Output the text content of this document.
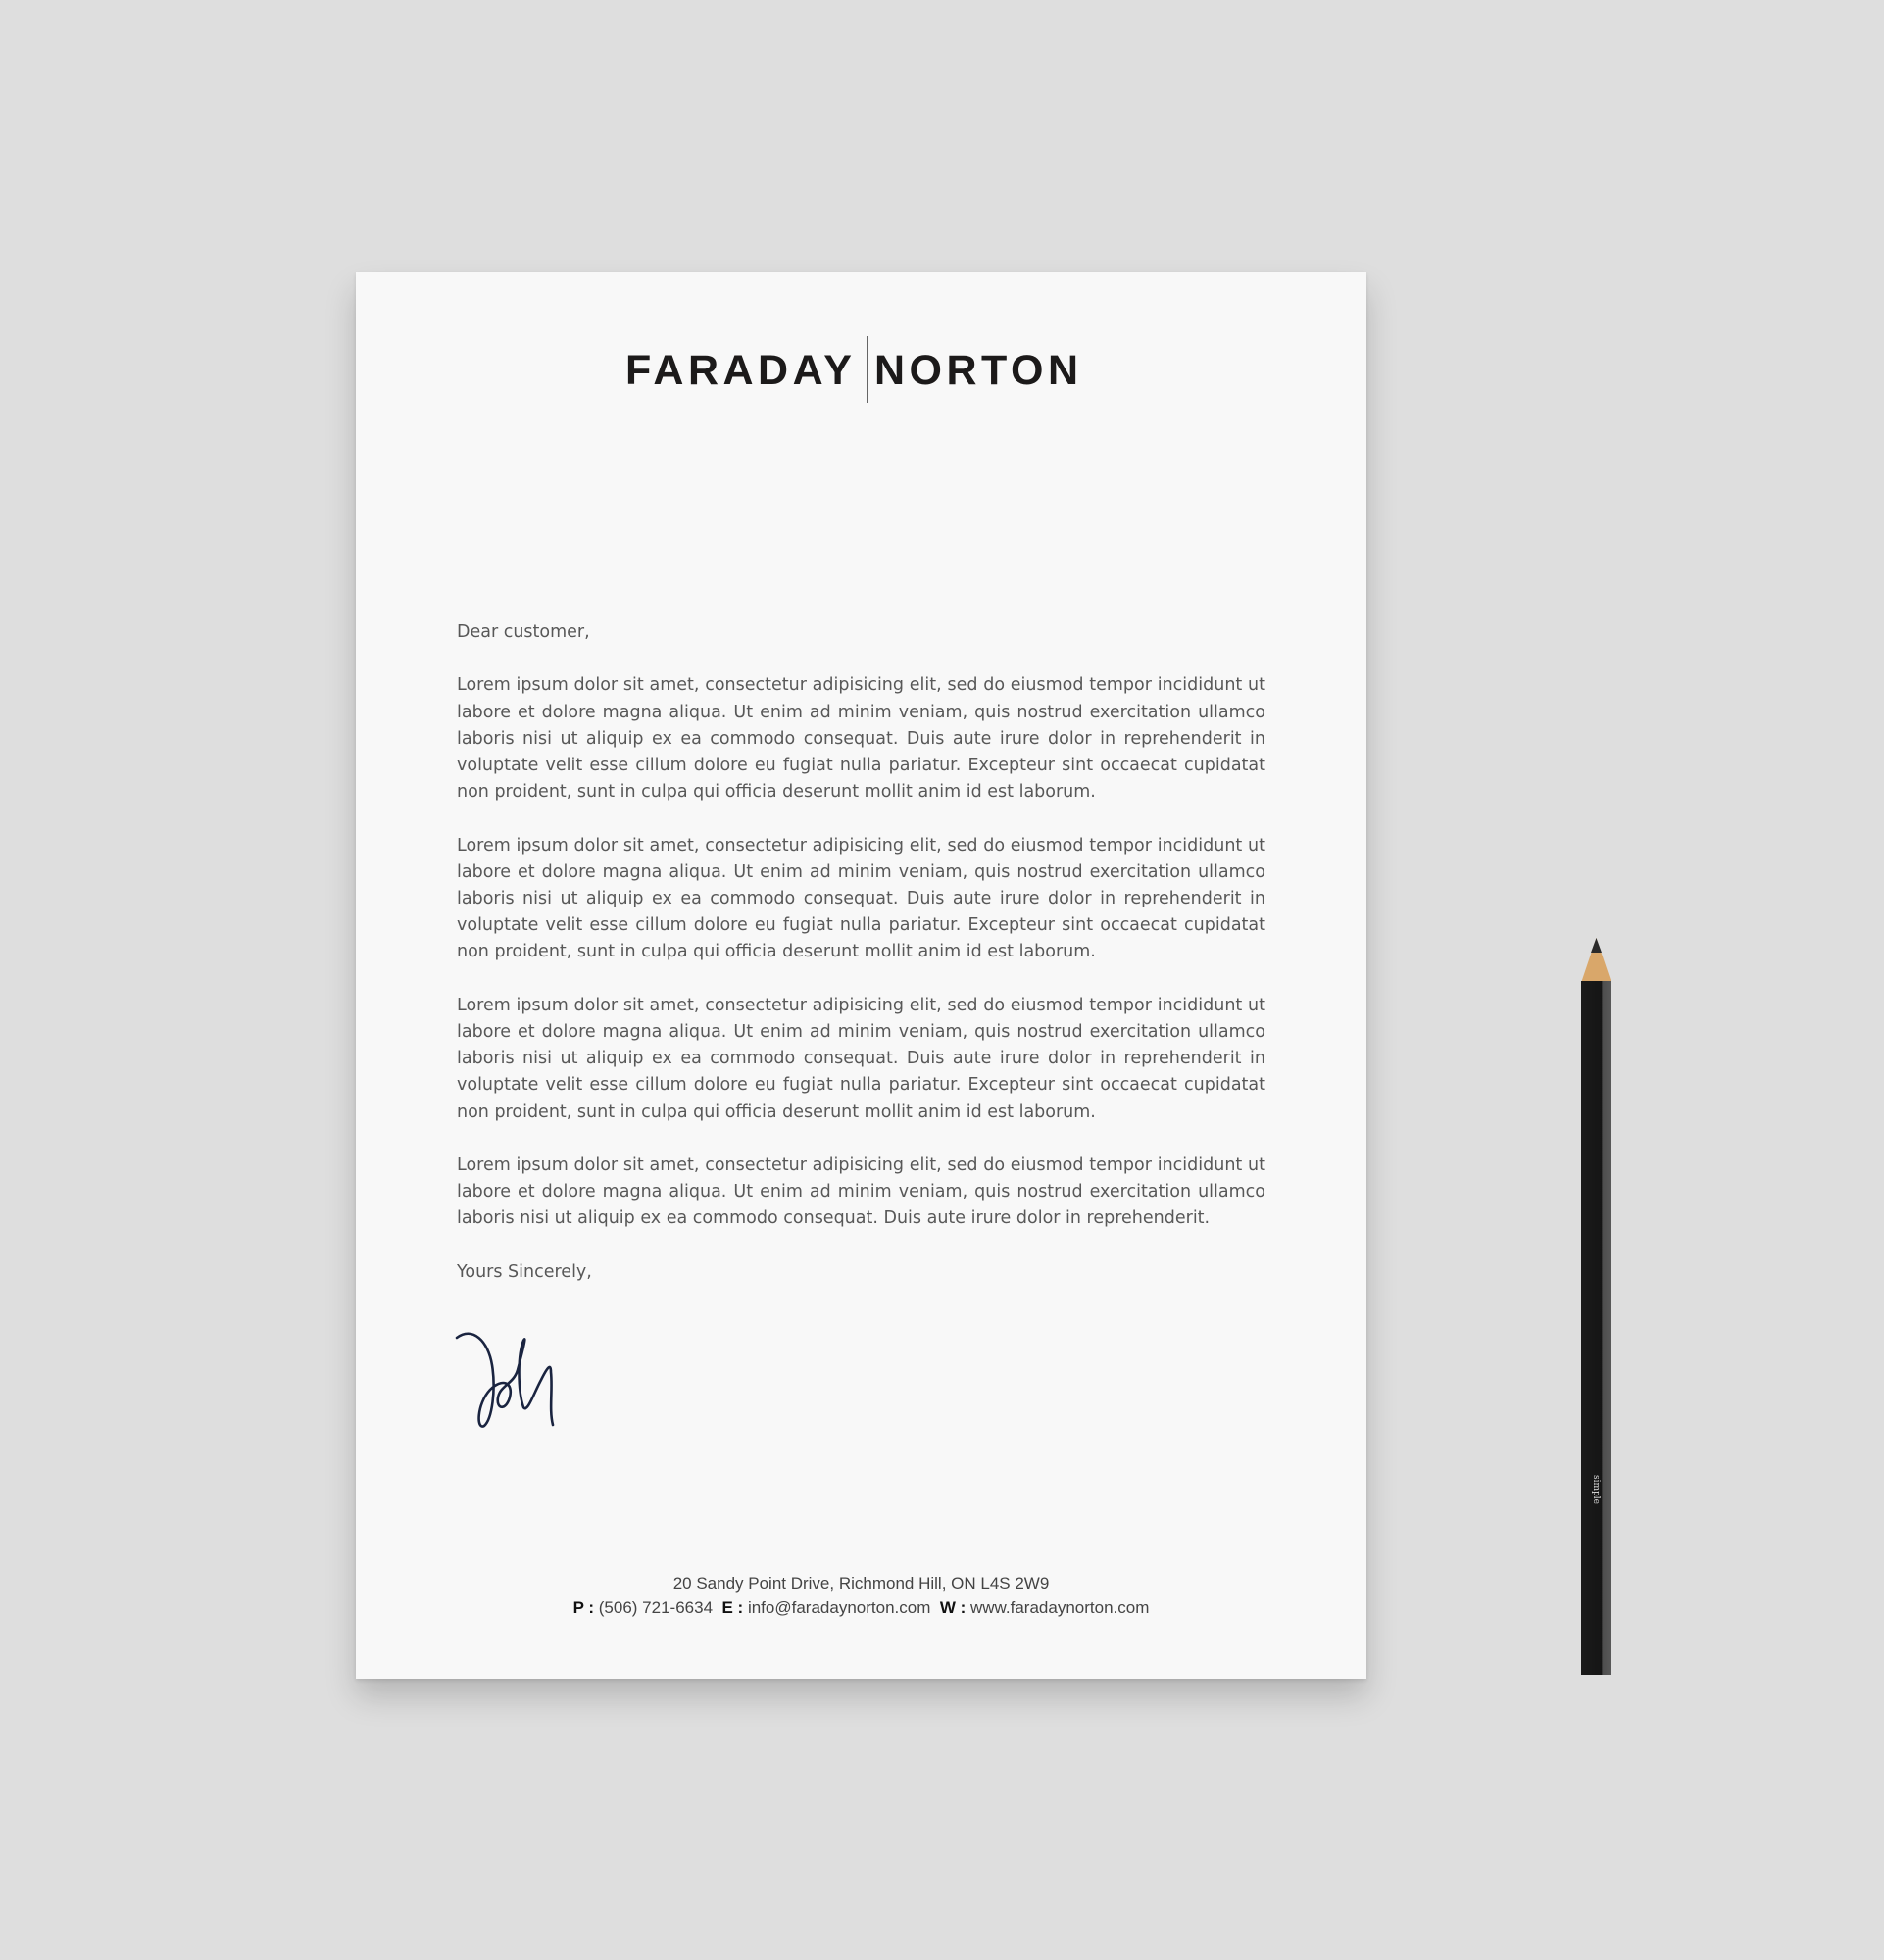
FARADAY NORTON
Dear customer,
Lorem ipsum dolor sit amet, consectetur adipisicing elit, sed do eiusmod tempor incididunt ut
labore et dolore magna aliqua. Ut enim ad minim veniam, quis nostrud exercitation ullamco
laboris nisi ut aliquip ex ea commodo consequat. Duis aute irure dolor in reprehenderit in
voluptate velit esse cillum dolore eu fugiat nulla pariatur. Excepteur sint occaecat cupidatat
non proident, sunt in culpa qui officia deserunt mollit anim id est laborum.
Lorem ipsum dolor sit amet, consectetur adipisicing elit, sed do eiusmod tempor incididunt ut
labore et dolore magna aliqua. Ut enim ad minim veniam, quis nostrud exercitation ullamco
laboris nisi ut aliquip ex ea commodo consequat. Duis aute irure dolor in reprehenderit in
voluptate velit esse cillum dolore eu fugiat nulla pariatur. Excepteur sint occaecat cupidatat
non proident, sunt in culpa qui officia deserunt mollit anim id est laborum.
Lorem ipsum dolor sit amet, consectetur adipisicing elit, sed do eiusmod tempor incididunt ut
labore et dolore magna aliqua. Ut enim ad minim veniam, quis nostrud exercitation ullamco
laboris nisi ut aliquip ex ea commodo consequat. Duis aute irure dolor in reprehenderit in
voluptate velit esse cillum dolore eu fugiat nulla pariatur. Excepteur sint occaecat cupidatat
non proident, sunt in culpa qui officia deserunt mollit anim id est laborum.
Lorem ipsum dolor sit amet, consectetur adipisicing elit, sed do eiusmod tempor incididunt ut
labore et dolore magna aliqua. Ut enim ad minim veniam, quis nostrud exercitation ullamco
laboris nisi ut aliquip ex ea commodo consequat. Duis aute irure dolor in reprehenderit.
Yours Sincerely,
20 Sandy Point Drive, Richmond Hill, ON L4S 2W9
P : (506) 721-6634 E : info@faradaynorton.com W : www.faradaynorton.com
simple
